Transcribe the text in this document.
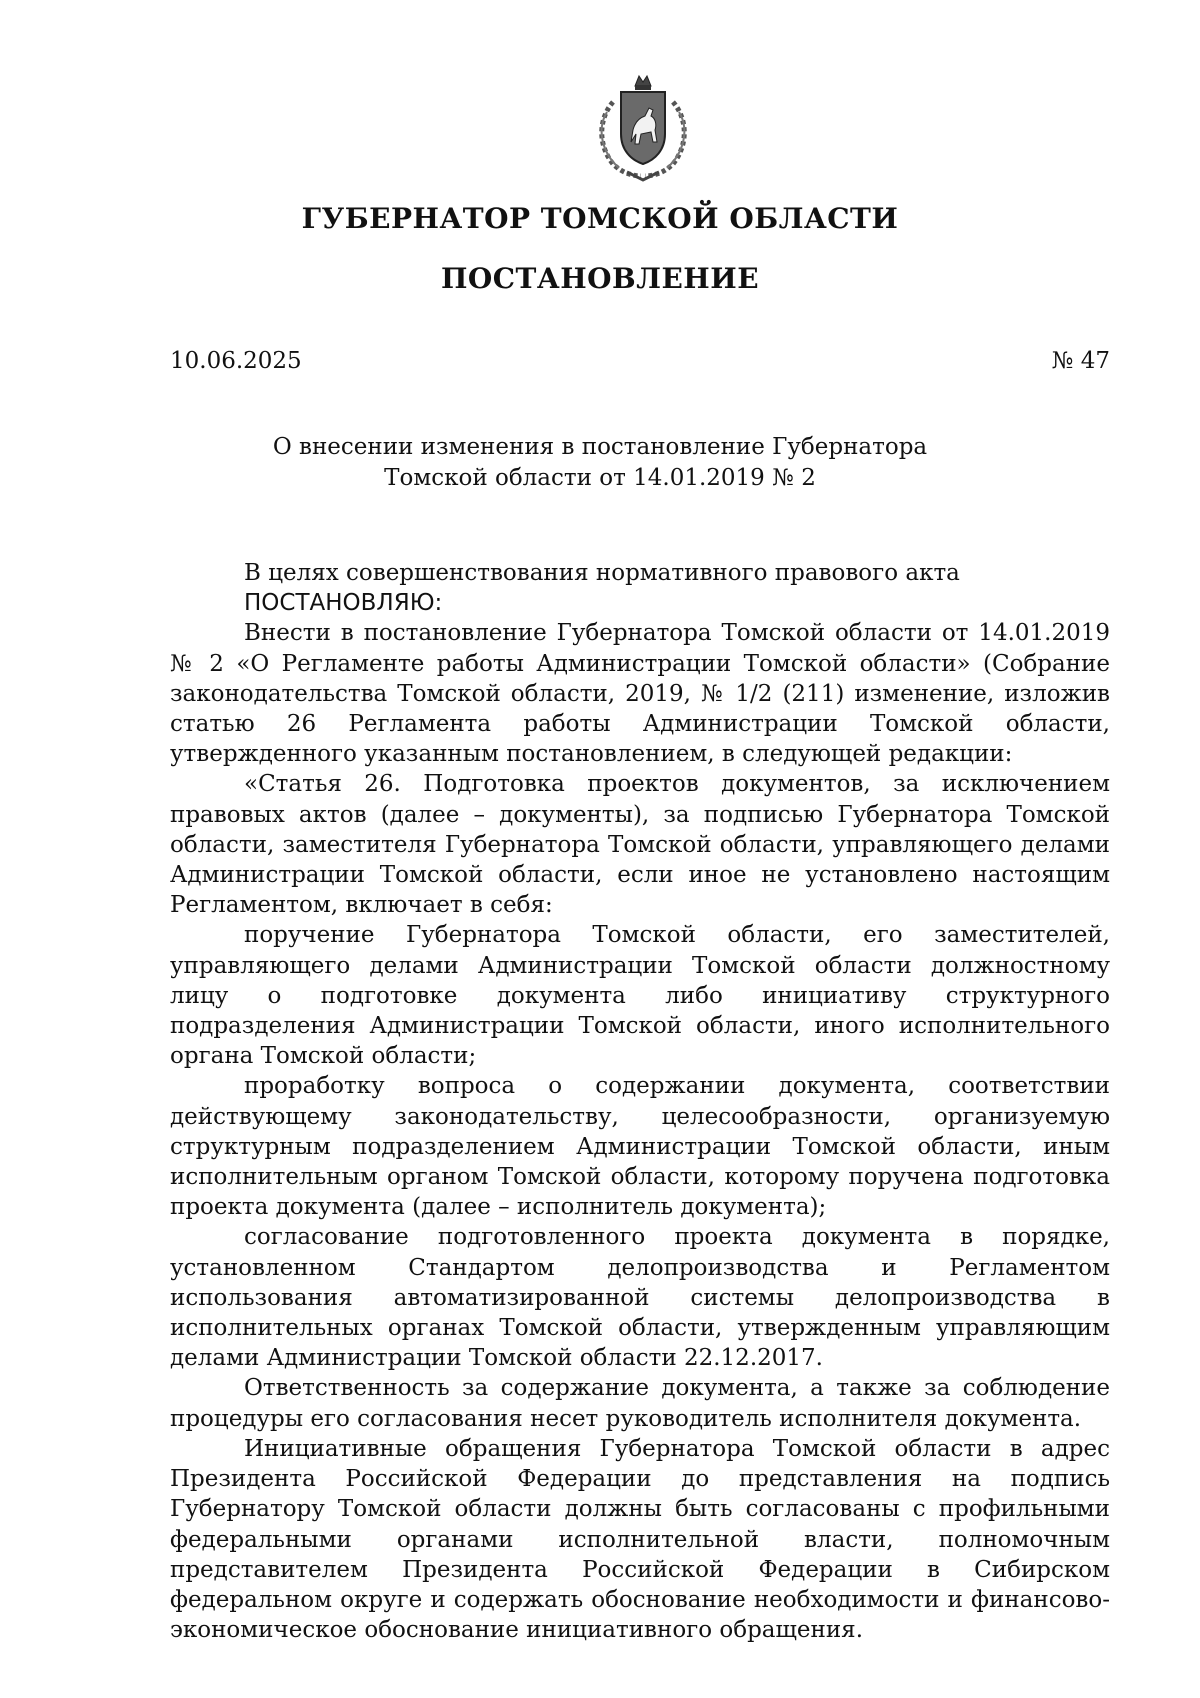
ГУБЕРНАТОР ТОМСКОЙ ОБЛАСТИ
ПОСТАНОВЛЕНИЕ
10.06.2025	№ 47
О внесении изменения в постановление Губернатора
Томской области от 14.01.2019 № 2

В целях совершенствования нормативного правового акта

ПОСТАНОВЛЯЮ:

Внести в постановление Губернатора Томской области от 14.01.2019 № 2 «О Регламенте работы Администрации Томской области» (Собрание законодательства Томской области, 2019, № 1/2 (211) изменение, изложив статью 26 Регламента работы Администрации Томской области, утвержденного указанным постановлением, в следующей редакции:

«Статья 26. Подготовка проектов документов, за исключением правовых актов (далее – документы), за подписью Губернатора Томской области, заместителя Губернатора Томской области, управляющего делами Администрации Томской области, если иное не установлено настоящим Регламентом, включает в себя:

поручение Губернатора Томской области, его заместителей, управляющего делами Администрации Томской области должностному лицу о подготовке документа либо инициативу структурного подразделения Администрации Томской области, иного исполнительного органа Томской области;

проработку вопроса о содержании документа, соответствии действующему законодательству, целесообразности, организуемую структурным подразделением Администрации Томской области, иным исполнительным органом Томской области, которому поручена подготовка проекта документа (далее – исполнитель документа);

согласование подготовленного проекта документа в порядке, установленном Стандартом делопроизводства и Регламентом использования автоматизированной системы делопроизводства в исполнительных органах Томской области, утвержденным управляющим делами Администрации Томской области 22.12.2017.

Ответственность за содержание документа, а также за соблюдение процедуры его согласования несет руководитель исполнителя документа.

Инициативные обращения Губернатора Томской области в адрес Президента Российской Федерации до представления на подпись Губернатору Томской области должны быть согласованы с профильными федеральными органами исполнительной власти, полномочным представителем Президента Российской Федерации в Сибирском федеральном округе и содержать обоснование необходимости и финансово-экономическое обоснование инициативного обращения.
